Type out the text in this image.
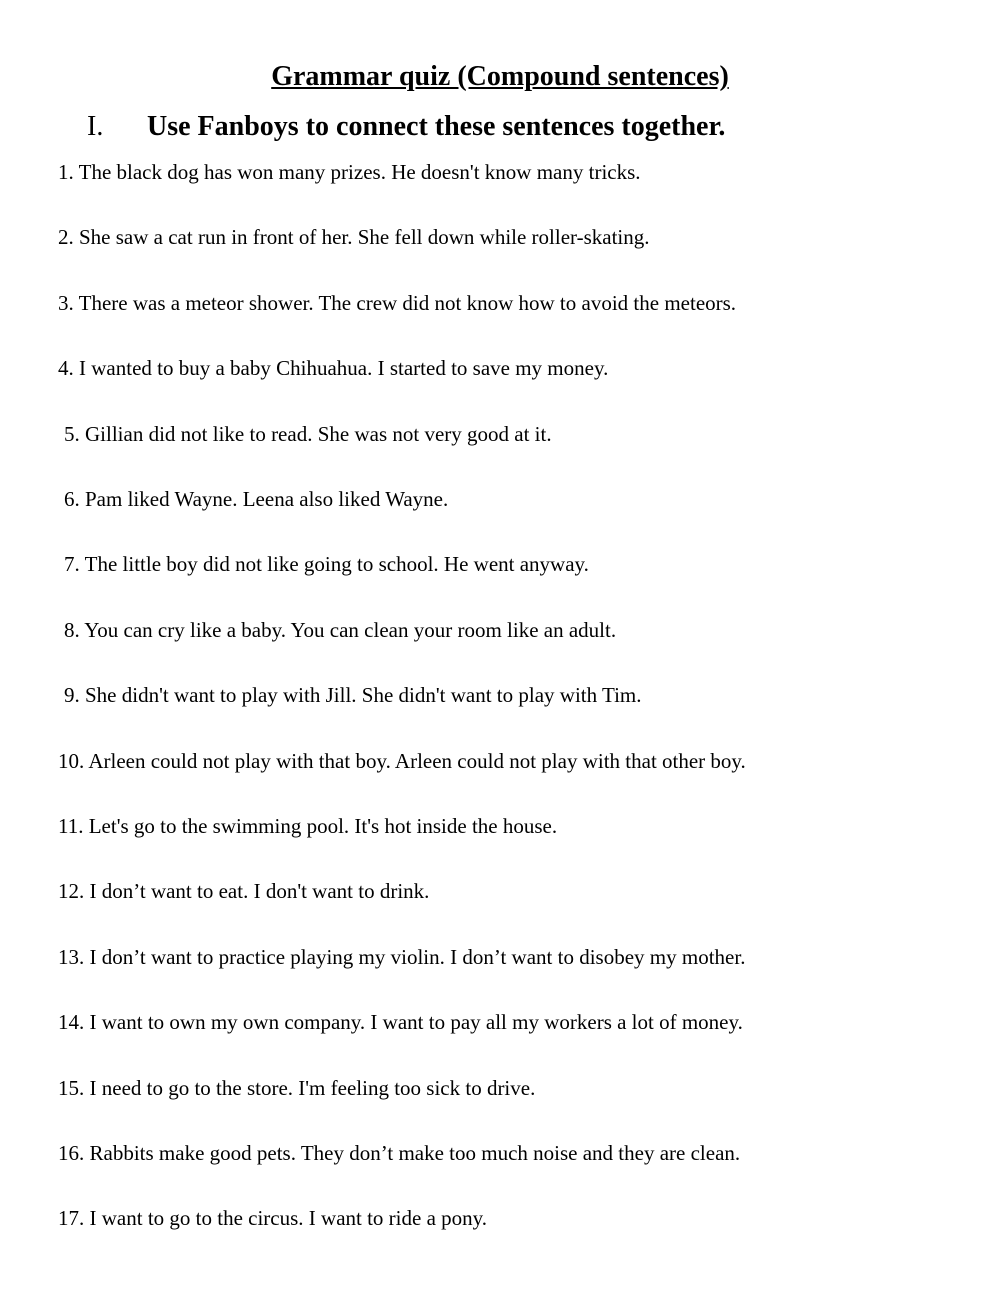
Grammar quiz (Compound sentences)
I. Use Fanboys to connect these sentences together.
1. The black dog has won many prizes. He doesn't know many tricks.
2. She saw a cat run in front of her. She fell down while roller-skating.
3. There was a meteor shower. The crew did not know how to avoid the meteors.
4. I wanted to buy a baby Chihuahua. I started to save my money.
5. Gillian did not like to read. She was not very good at it.
6. Pam liked Wayne. Leena also liked Wayne.
7. The little boy did not like going to school. He went anyway.
8. You can cry like a baby. You can clean your room like an adult.
9. She didn't want to play with Jill. She didn't want to play with Tim.
10. Arleen could not play with that boy. Arleen could not play with that other boy.
11. Let's go to the swimming pool. It's hot inside the house.
12. I don’t want to eat. I don't want to drink.
13. I don’t want to practice playing my violin. I don’t want to disobey my mother.
14. I want to own my own company. I want to pay all my workers a lot of money.
15. I need to go to the store. I'm feeling too sick to drive.
16. Rabbits make good pets. They don’t make too much noise and they are clean.
17. I want to go to the circus. I want to ride a pony.
